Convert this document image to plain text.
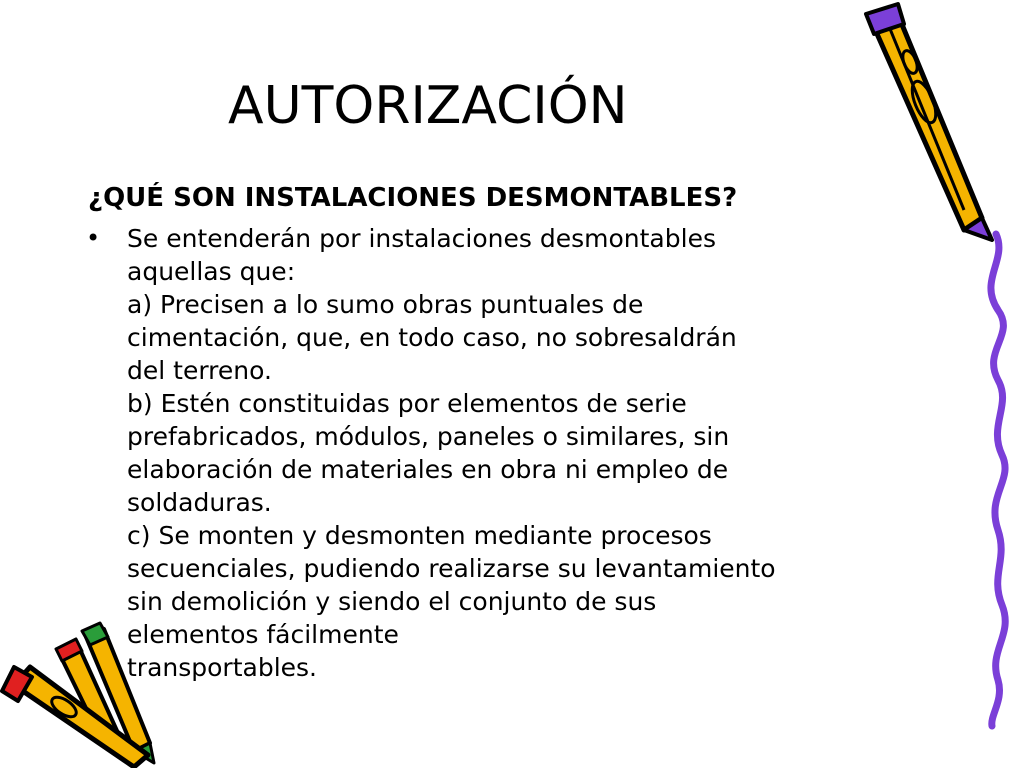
AUTORIZACIÓN
¿QUÉ SON INSTALACIONES DESMONTABLES?
• Se entenderán por instalaciones desmontables
aquellas que:
a) Precisen a lo sumo obras puntuales de
cimentación, que, en todo caso, no sobresaldrán
del terreno.
b) Estén constituidas por elementos de serie
prefabricados, módulos, paneles o similares, sin
elaboración de materiales en obra ni empleo de
soldaduras.
c) Se monten y desmonten mediante procesos
secuenciales, pudiendo realizarse su levantamiento
sin demolición y siendo el conjunto de sus
elementos fácilmente
transportables.
